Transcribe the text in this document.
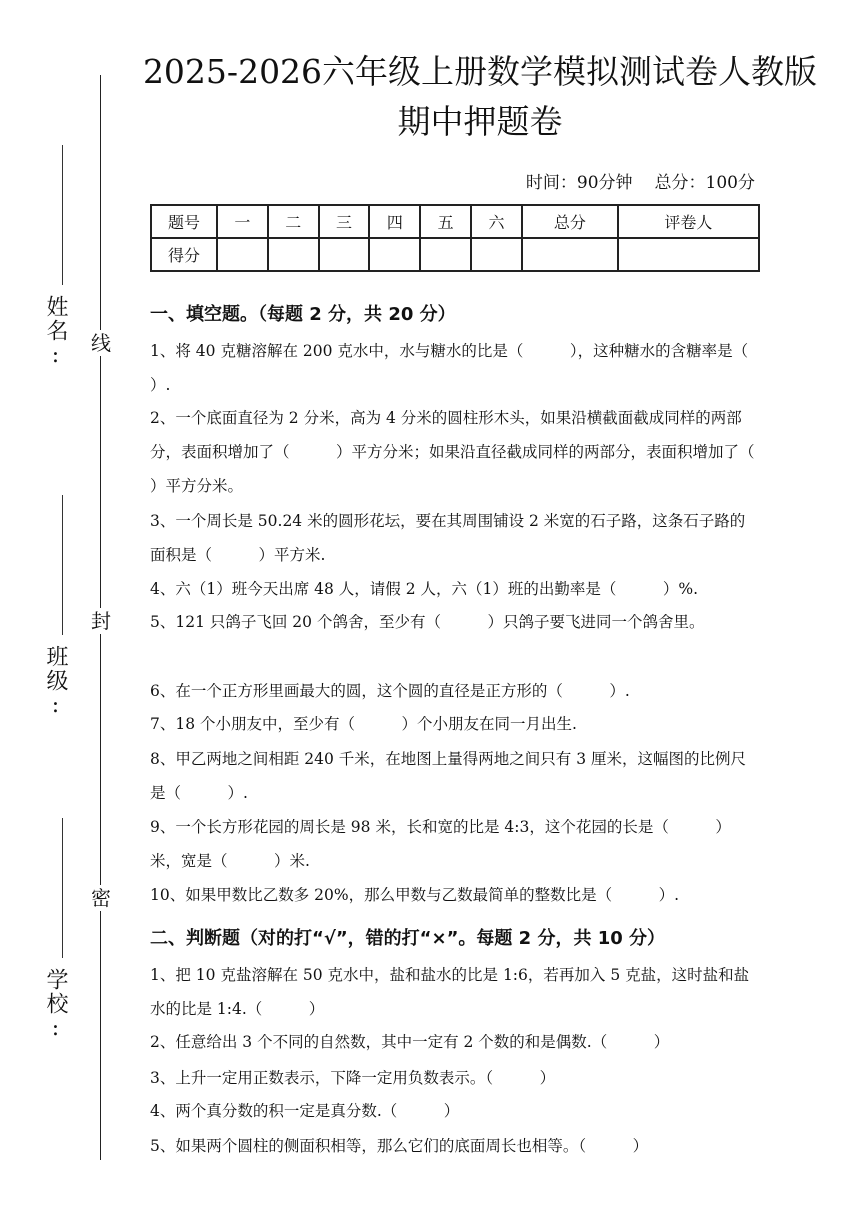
姓名:
班级:
学校:
线
封
密
2025-2026六年级上册数学模拟测试卷人教版
期中押题卷
时间：90分钟 总分：100分
题号	一	二	三	四	五	六	总分	评卷人
得分								
一、填空题。（每题 2 分，共 20 分）
1、将 40 克糖溶解在 200 克水中，水与糖水的比是（　　　），这种糖水的含糖率是（　　　）.
2、一个底面直径为 2 分米，高为 4 分米的圆柱形木头，如果沿横截面截成同样的两部分，表面积增加了（　　　）平方分米；如果沿直径截成同样的两部分，表面积增加了（　　　）平方分米。
3、一个周长是 50.24 米的圆形花坛，要在其周围铺设 2 米宽的石子路，这条石子路的面积是（　　　）平方米.
4、六（1）班今天出席 48 人，请假 2 人，六（1）班的出勤率是（　　　）%.
5、121 只鸽子飞回 20 个鸽舍，至少有（　　　）只鸽子要飞进同一个鸽舍里。
6、在一个正方形里画最大的圆，这个圆的直径是正方形的（　　　）.
7、18 个小朋友中，至少有（　　　）个小朋友在同一月出生.
8、甲乙两地之间相距 240 千米，在地图上量得两地之间只有 3 厘米，这幅图的比例尺是（　　　）.
9、一个长方形花园的周长是 98 米，长和宽的比是 4:3，这个花园的长是（　　　）米，宽是（　　　）米.
10、如果甲数比乙数多 20%，那么甲数与乙数最简单的整数比是（　　　）.
二、判断题（对的打“√”，错的打“×”。每题 2 分，共 10 分）
1、把 10 克盐溶解在 50 克水中，盐和盐水的比是 1:6，若再加入 5 克盐，这时盐和盐水的比是 1:4.（　　　）
2、任意给出 3 个不同的自然数，其中一定有 2 个数的和是偶数.（　　　）
3、上升一定用正数表示，下降一定用负数表示。（　　　）
4、两个真分数的积一定是真分数.（　　　）
5、如果两个圆柱的侧面积相等，那么它们的底面周长也相等。（　　　）
